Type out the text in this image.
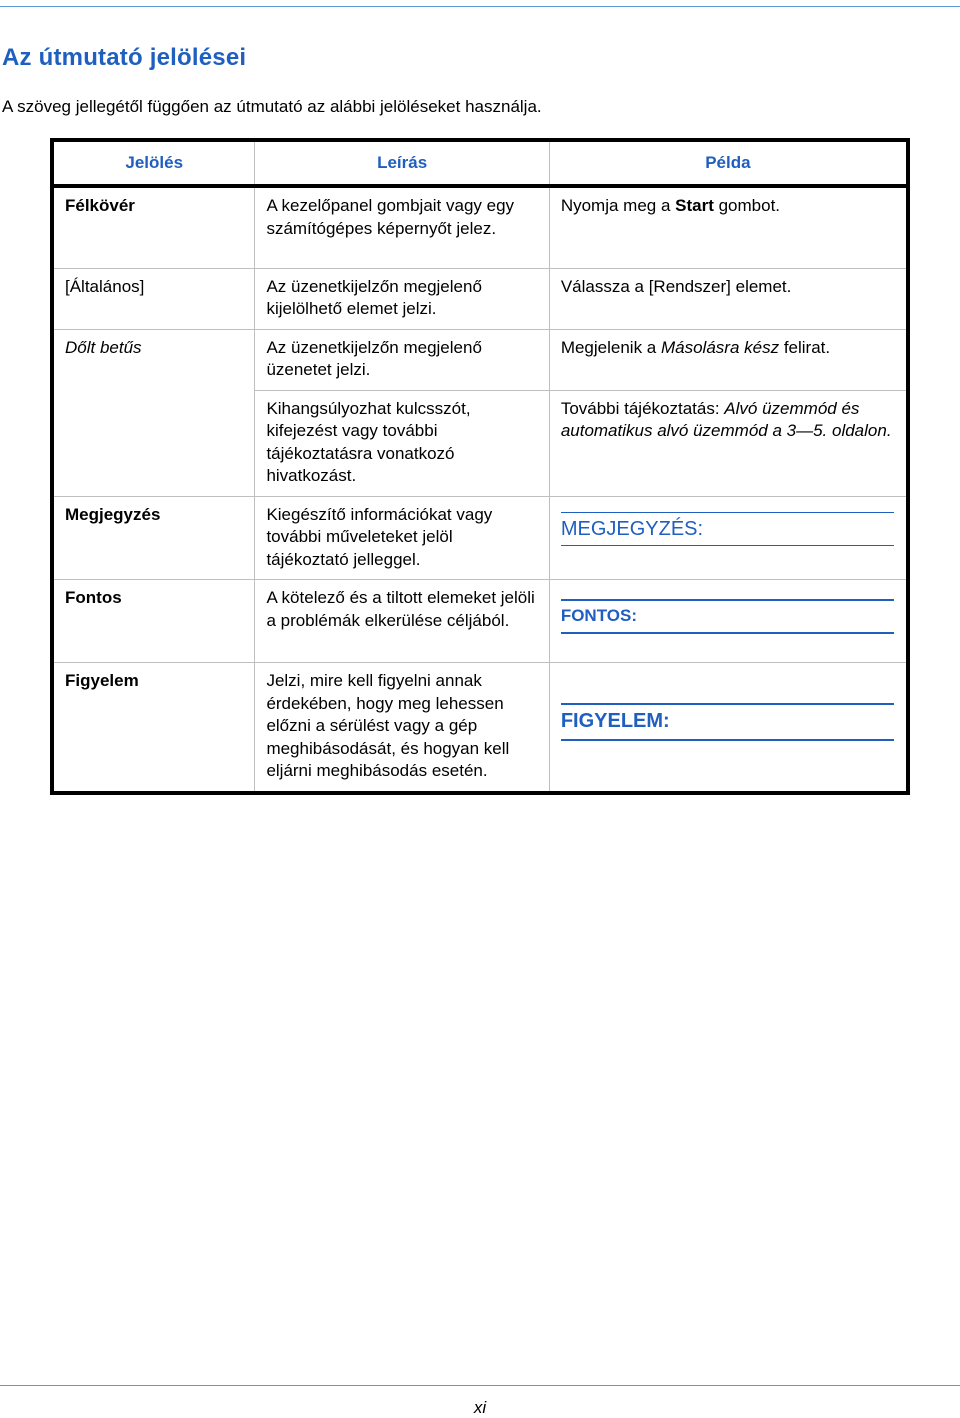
Az útmutató jelölései

A szöveg jellegétől függően az útmutató az alábbi jelöléseket használja.

Jelölés	Leírás	Példa
Félkövér	A kezelőpanel gombjait vagy egy számítógépes képernyőt jelez.	Nyomja meg a Start gombot.
[Általános]	Az üzenetkijelzőn megjelenő kijelölhető elemet jelzi.	Válassza a [Rendszer] elemet.
Dőlt betűs	Az üzenetkijelzőn megjelenő üzenetet jelzi.	Megjelenik a Másolásra kész felirat.
	Kihangsúlyozhat kulcsszót, kifejezést vagy további tájékoztatásra vonatkozó hivatkozást.	További tájékoztatás: Alvó üzemmód és automatikus alvó üzemmód a 3—5. oldalon.
Megjegyzés	Kiegészítő információkat vagy további műveleteket jelöl tájékoztató jelleggel.	MEGJEGYZÉS:

Fontos	A kötelező és a tiltott elemeket jelöli a problémák elkerülése céljából.	FONTOS:

Figyelem	Jelzi, mire kell figyelni annak érdekében, hogy meg lehessen előzni a sérülést vagy a gép meghibásodását, és hogyan kell eljárni meghibásodás esetén.	FIGYELEM:
xi
